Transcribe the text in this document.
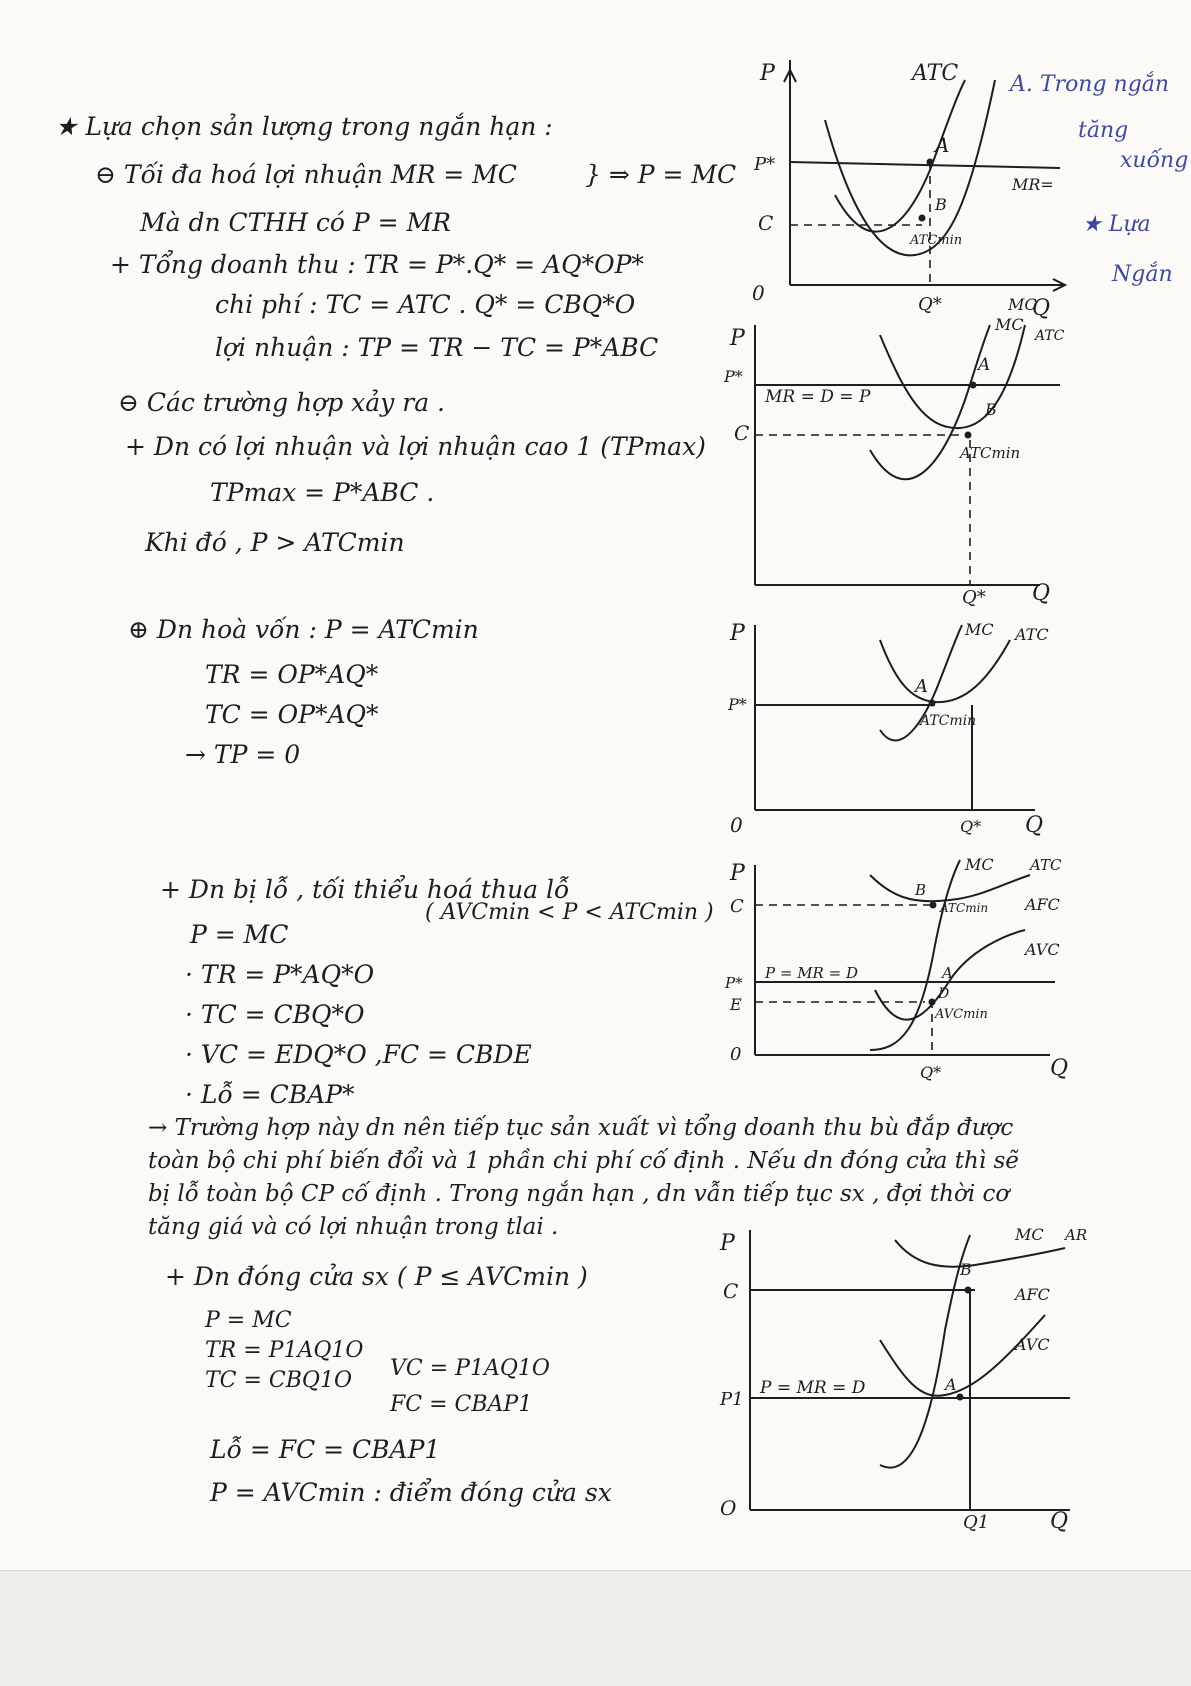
★ Lựa chọn sản lượng trong ngắn hạn :
⊖ Tối đa hoá lợi nhuận MR = MC	} ⇒ P = MC
Mà dn CTHH có P = MR
+ Tổng doanh thu : TR = P*.Q* = AQ*OP*
chi phí : TC = ATC . Q* = CBQ*O
lợi nhuận : TP = TR − TC = P*ABC
⊖ Các trường hợp xảy ra .
+ Dn có lợi nhuận và lợi nhuận cao 1 (TPmax)
TPmax = P*ABC .
Khi đó , P > ATCmin
⊕ Dn hoà vốn : P = ATCmin
TR = OP*AQ*
TC = OP*AQ*
→ TP = 0
+ Dn bị lỗ , tối thiểu hoá thua lỗ
( AVCmin < P < ATCmin )
P = MC
· TR = P*AQ*O
· TC = CBQ*O
· VC = EDQ*O ,FC = CBDE
· Lỗ = CBAP*
→ Trường hợp này dn nên tiếp tục sản xuất vì tổng doanh thu bù đắp được toàn bộ chi phí biến đổi và 1 phần chi phí cố định . Nếu dn đóng cửa thì sẽ bị lỗ toàn bộ CP cố định . Trong ngắn hạn , dn vẫn tiếp tục sx , đợi thời cơ tăng giá và có lợi nhuận trong tlai .
+ Dn đóng cửa sx ( P ≤ AVCmin )
P = MC
TR = P1AQ1O
TC = CBQ1O VC = P1AQ1O
FC = CBAP1
Lỗ = FC = CBAP1
P = AVCmin : điểm đóng cửa sx
A. Trong ngắn
tăng
xuống
★ Lựa
Ngắn
P	ATC
A
B
P*
C
ATCmin
MR=
0	Q*	Q
MC
P
MR = D = P
A
B
P*
C
ATCmin
MC
ATC
Q* Q
P
P*
A
ATCmin
MC ATC
0	Q* Q
P
C
B
ATCmin
MC ATC
AFC
AVC
P = MR = D	A
D
P*
E
AVCmin
0
Q*	Q
P
C
B
AFC
AVC
P = MR = D	A
P1
O
Q1	Q
MC AR
